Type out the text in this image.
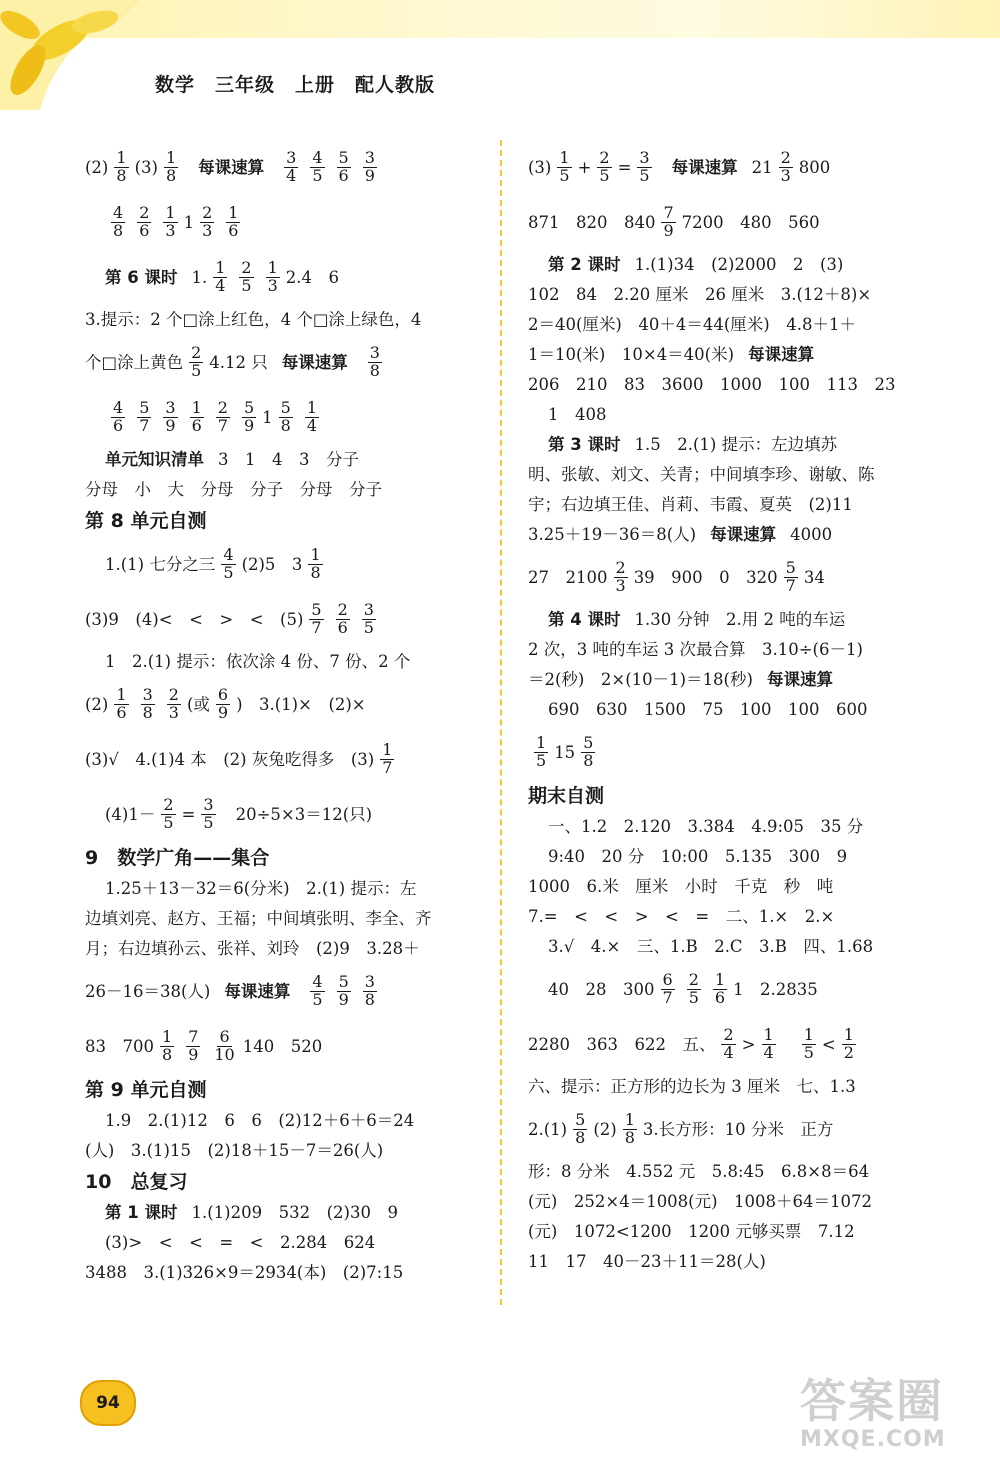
数学　三年级　上册　配人教版
$(2) \frac{1}{8} (3) \frac{1}{8}$ 每课速算 $\frac{3}{4} \frac{4}{5} \frac{5}{6} \frac{3}{9}$
$\frac{4}{8} \frac{2}{6} \frac{1}{3} 1 \frac{2}{3} \frac{1}{6}$
第 6 课时 1. $\frac{1}{4} \frac{2}{5} \frac{1}{3} 2.4$　6
3.提示：2 个□涂上红色，4 个□涂上绿色，4
个□涂上黄色 $\frac{2}{5} 4.12$ 只 每课速算 $\frac{3}{8}$
$\frac{4}{6} \frac{5}{7} \frac{3}{9} \frac{1}{6} \frac{2}{7} \frac{5}{9} 1 \frac{5}{8} \frac{1}{4}$
单元知识清单 3　1　4　3　分子
分母　小　大　分母　分子　分母　分子
第 8 单元自测
1.(1) 七分之三 $\frac{4}{5} (2)5$　$3 \frac{1}{8}$
(3)9　(4)<　<　>　<　$(5) \frac{5}{7} \frac{2}{6} \frac{3}{5}$
1　2.(1) 提示：依次涂 4 份、7 份、2 个
$(2) \frac{1}{6} \frac{3}{8} \frac{2}{3}$ (或 $\frac{6}{9}$ )　3.(1)×　(2)×
(3)√　4.(1)4 本　(2) 灰兔吃得多　$(3) \frac{1}{7}$
$(4)1- \frac{2}{5} = \frac{3}{5} 20\div 5\times 3=12$(只)
9　数学广角——集合
1.25＋13－32＝6(分米)　2.(1) 提示：左
边填刘亮、赵方、王福；中间填张明、李全、齐
月；右边填孙云、张祥、刘玲　(2)9　3.28＋
26－16＝38(人) 每课速算 $\frac{4}{5} \frac{5}{9} \frac{3}{8}$
83　$700 \frac{1}{8} \frac{7}{9} \frac{6}{10} 140$　520
第 9 单元自测
1.9　2.(1)12　6　6　(2)12＋6＋6＝24
(人)　3.(1)15　(2)18＋15－7＝26(人)
10　总复习
第 1 课时 1.(1)209　532　(2)30　9
(3)>　<　<　=　<　2.284　624
3488　3.(1)326×9＝2934(本)　(2)7:15
$(3) \frac{1}{5} + \frac{2}{5} = \frac{3}{5}$ 每课速算 $21 \frac{2}{3} 800$
871　820　$840 \frac{7}{9} 7200$　480　560
第 2 课时 1.(1)34　(2)2000　2　(3)
102　84　2.20 厘米　26 厘米　3.(12＋8)×
2＝40(厘米)　40＋4＝44(厘米)　4.8＋1＋
1＝10(米)　10×4＝40(米) 每课速算
206　210　83　3600　1000　100　113　23
1　408
第 3 课时 1.5　2.(1) 提示：左边填苏
明、张敏、刘文、关青；中间填李珍、谢敏、陈
宇；右边填王佳、肖莉、韦霞、夏英　(2)11
3.25＋19－36＝8(人) 每课速算 4000
27　$2100 \frac{2}{3} 39$　900　0　$320 \frac{5}{7} 34$
第 4 课时 1.30 分钟　2.用 2 吨的车运
2 次，3 吨的车运 3 次最合算　3.10÷(6－1)
＝2(秒)　2×(10－1)＝18(秒) 每课速算
690　630　1500　75　100　100　600
$\frac{1}{5} 15 \frac{5}{8}$
期末自测
一、1.2　2.120　3.384　4.9:05　35 分
9:40　20 分　10:00　5.135　300　9
1000　6.米　厘米　小时　千克　秒　吨
7.=　<　<　>　<　=　二、1.×　2.×
3.√　4.×　三、1.B　2.C　3.B　四、1.68
40　28　$300 \frac{6}{7} \frac{2}{5} \frac{1}{6} 1$　2.2835
2280　363　622　五、 $\frac{2}{4} > \frac{1}{4} \frac{1}{5} < \frac{1}{2}$
六、提示：正方形的边长为 3 厘米　七、1.3
$2.(1) \frac{5}{8} (2) \frac{1}{8} 3$.长方形：10 分米　正方
形：8 分米　4.552 元　5.8:45　6.8×8＝64
(元)　252×4＝1008(元)　1008＋64＝1072
(元)　1072<1200　1200 元够买票　7.12
11　17　40－23＋11＝28(人)
94	答案圈
MXQE.COM
